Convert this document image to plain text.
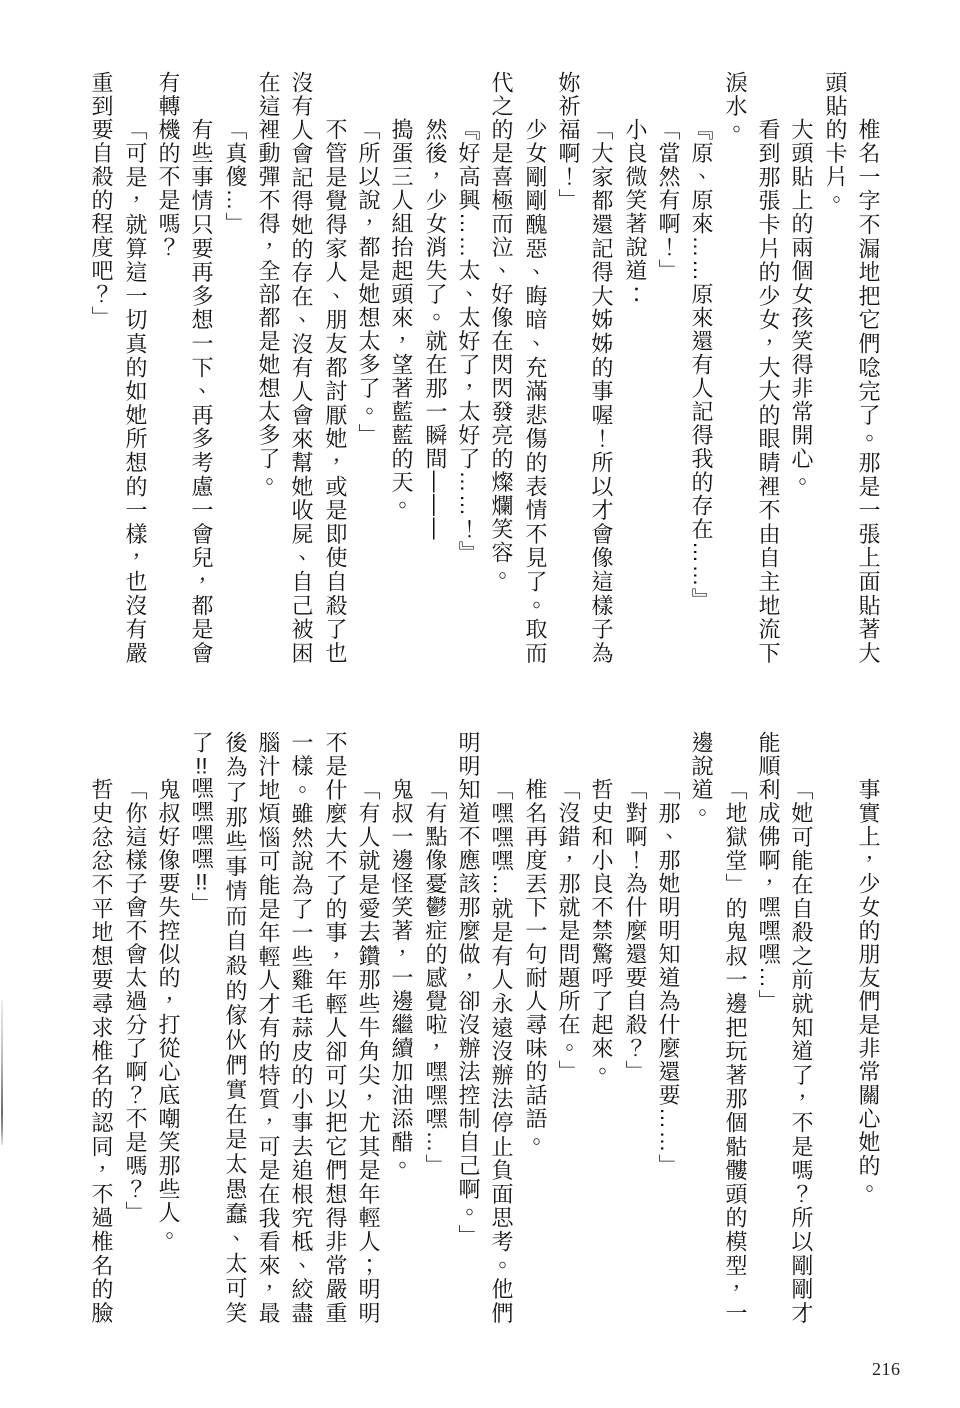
椎名一字不漏地把它們唸完了。那是一張上面貼著大
頭貼的卡片。
大頭貼上的兩個女孩笑得非常開心。
看到那張卡片的少女，大大的眼睛裡不由自主地流下
淚水。
『原、原來……原來還有人記得我的存在……』
「當然有啊！」
小良微笑著說道：
「大家都還記得大姊姊的事喔！所以才會像這樣子為
妳祈福啊！」
少女剛剛醜惡、晦暗、充滿悲傷的表情不見了。取而
代之的是喜極而泣、好像在閃閃發亮的燦爛笑容。
『好高興……太、太好了，太好了……！』
然後，少女消失了。就在那一瞬間———
搗蛋三人組抬起頭來，望著藍藍的天。
「所以說，都是她想太多了。」
不管是覺得家人、朋友都討厭她，或是即使自殺了也
沒有人會記得她的存在、沒有人會來幫她收屍、自己被困
在這裡動彈不得，全部都是她想太多了。
「真傻…」
有些事情只要再多想一下、再多考慮一會兒，都是會
有轉機的不是嗎？
「可是，就算這一切真的如她所想的一樣，也沒有嚴
重到要自殺的程度吧？」
事實上，少女的朋友們是非常關心她的。
「她可能在自殺之前就知道了，不是嗎？所以剛剛才
能順利成佛啊，嘿嘿嘿…」
「地獄堂」的鬼叔一邊把玩著那個骷髏頭的模型，一
邊說道。
「那、那她明明知道為什麼還要……」
「對啊！為什麼還要自殺？」
哲史和小良不禁驚呼了起來。
「沒錯，那就是問題所在。」
椎名再度丟下一句耐人尋味的話語。
「嘿嘿嘿…就是有人永遠沒辦法停止負面思考。他們
明明知道不應該那麼做，卻沒辦法控制自己啊。」
「有點像憂鬱症的感覺啦，嘿嘿嘿…」
鬼叔一邊怪笑著，一邊繼續加油添醋。
「有人就是愛去鑽那些牛角尖，尤其是年輕人；明明
不是什麼大不了的事，年輕人卻可以把它們想得非常嚴重
一樣。雖然說為了一些雞毛蒜皮的小事去追根究柢、絞盡
腦汁地煩惱可能是年輕人才有的特質，可是在我看來，最
後為了那些事情而自殺的傢伙們實在是太愚蠢、太可笑
了!!嘿嘿嘿嘿!!」
鬼叔好像要失控似的，打從心底嘲笑那些人。
「你這樣子會不會太過分了啊？不是嗎？」
哲史忿忿不平地想要尋求椎名的認同，不過椎名的臉
216
